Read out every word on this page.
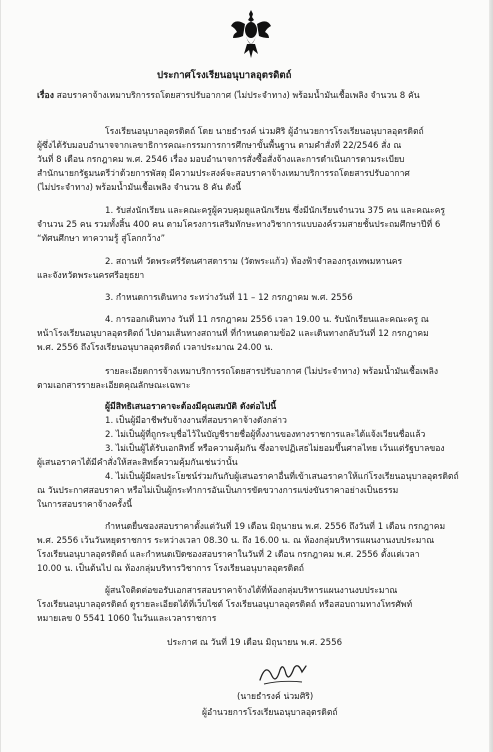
ประกาศโรงเรียนอนุบาลอุตรดิตถ์
เรื่อง สอบราคาจ้างเหมาบริการรถโดยสารปรับอากาศ (ไม่ประจำทาง) พร้อมน้ำมันเชื้อเพลิง จำนวน 8 คัน
โรงเรียนอนุบาลอุตรดิตถ์ โดย นายธำรงค์ น่วมศิริ ผู้อำนวยการโรงเรียนอนุบาลอุตรดิตถ์
ผู้ซึ่งได้รับมอบอำนาจจากเลขาธิการคณะกรรมการการศึกษาขั้นพื้นฐาน ตามคำสั่งที่ 22/2546 สั่ง ณ
วันที่ 8 เดือน กรกฎาคม พ.ศ. 2546 เรื่อง มอบอำนาจการสั่งซื้อสั่งจ้างและการดำเนินการตามระเบียบ
สำนักนายกรัฐมนตรีว่าด้วยการพัสดุ มีความประสงค์จะสอบราคาจ้างเหมาบริการรถโดยสารปรับอากาศ
(ไม่ประจำทาง) พร้อมน้ำมันเชื้อเพลิง จำนวน 8 คัน ดังนี้
1. รับส่งนักเรียน และคณะครูผู้ควบคุมดูแลนักเรียน ซึ่งมีนักเรียนจำนวน 375 คน และคณะครู
จำนวน 25 คน รวมทั้งสิ้น 400 คน ตามโครงการเสริมทักษะทางวิชาการแบบองค์รวมสายชั้นประถมศึกษาปีที่ 6
“ทัศนศึกษา ทาความรู้ สู่โลกกว้าง”
2. สถานที่ วัดพระศรีรัตนศาสดาราม (วัดพระแก้ว) ท้องฟ้าจำลองกรุงเทพมหานคร
และจังหวัดพระนครศรีอยุธยา
3. กำหนดการเดินทาง ระหว่างวันที่ 11 – 12 กรกฎาคม พ.ศ. 2556
4. การออกเดินทาง วันที่ 11 กรกฎาคม 2556 เวลา 19.00 น. รับนักเรียนและคณะครู ณ
หน้าโรงเรียนอนุบาลอุตรดิตถ์ ไปตามเส้นทางสถานที่ ที่กำหนดตามข้อ2 และเดินทางกลับวันที่ 12 กรกฎาคม
พ.ศ. 2556 ถึงโรงเรียนอนุบาลอุตรดิตถ์ เวลาประมาณ 24.00 น.
รายละเอียดการจ้างเหมาบริการรถโดยสารปรับอากาศ (ไม่ประจำทาง) พร้อมน้ำมันเชื้อเพลิง
ตามเอกสารรายละเอียดคุณลักษณะเฉพาะ
ผู้มีสิทธิเสนอราคาจะต้องมีคุณสมบัติ ดังต่อไปนี้
1. เป็นผู้มีอาชีพรับจ้างงานที่สอบราคาจ้างดังกล่าว
2. ไม่เป็นผู้ที่ถูกระบุชื่อไว้ในบัญชีรายชื่อผู้ทิ้งงานของทางราชการและได้แจ้งเวียนชื่อแล้ว
3. ไม่เป็นผู้ได้รับเอกสิทธิ์ หรือความคุ้มกัน ซึ่งอาจปฏิเสธไม่ยอมขึ้นศาลไทย เว้นแต่รัฐบาลของ
ผู้เสนอราคาได้มีคำสั่งให้สละสิทธิ์ความคุ้มกันเช่นว่านั้น
4. ไม่เป็นผู้มีผลประโยชน์ร่วมกันกับผู้เสนอราคาอื่นที่เข้าเสนอราคาให้แก่โรงเรียนอนุบาลอุตรดิตถ์
ณ วันประกาศสอบราคา หรือไม่เป็นผู้กระทำการอันเป็นการขัดขวางการแข่งขันราคาอย่างเป็นธรรม
ในการสอบราคาจ้างครั้งนี้
กำหนดยื่นซองสอบราคาตั้งแต่วันที่ 19 เดือน มิถุนายน พ.ศ. 2556 ถึงวันที่ 1 เดือน กรกฎาคม
พ.ศ. 2556 เว้นวันหยุดราชการ ระหว่างเวลา 08.30 น. ถึง 16.00 น. ณ ห้องกลุ่มบริหารแผนงานงบประมาณ
โรงเรียนอนุบาลอุตรดิตถ์ และกำหนดเปิดซองสอบราคาในวันที่ 2 เดือน กรกฎาคม พ.ศ. 2556 ตั้งแต่เวลา
10.00 น. เป็นต้นไป ณ ห้องกลุ่มบริหารวิชาการ โรงเรียนอนุบาลอุตรดิตถ์
ผู้สนใจติดต่อขอรับเอกสารสอบราคาจ้างได้ที่ห้องกลุ่มบริหารแผนงานงบประมาณ
โรงเรียนอนุบาลอุตรดิตถ์ ดูรายละเอียดได้ที่เว็บไซต์ โรงเรียนอนุบาลอุตรดิตถ์ หรือสอบถามทางโทรศัพท์
หมายเลข 0 5541 1060 ในวันและเวลาราชการ
ประกาศ ณ วันที่ 19 เดือน มิถุนายน พ.ศ. 2556
(นายธำรงค์ น่วมศิริ)
ผู้อำนวยการโรงเรียนอนุบาลอุตรดิตถ์
